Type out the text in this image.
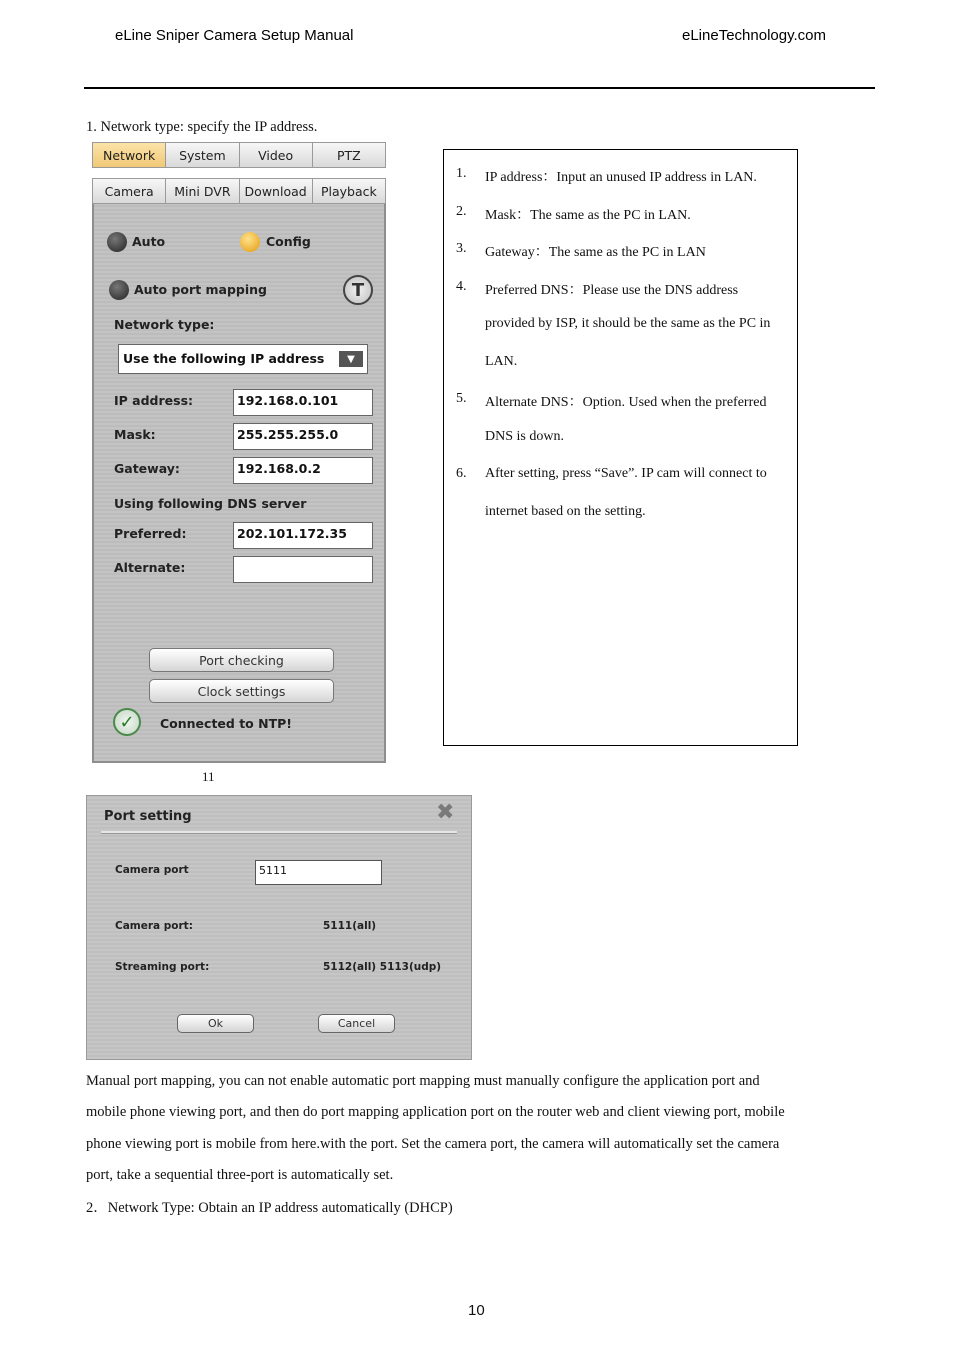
eLine Sniper Camera Setup Manual	eLineTechnology.com
1. Network type: specify the IP address.
Network	System	Video	PTZ
Camera	Mini DVR	Download	Playback
Auto	Config
Auto port mapping	T
Network type:
Use the following IP address	▼
IP address:	192.168.0.101
Mask:	255.255.255.0
Gateway:	192.168.0.2
Using following DNS server
Preferred:	202.101.172.35
Alternate:
Port checking
Clock settings
✓	Connected to NTP!
1. IP address：Input an unused IP address in LAN.
2. Mask：The same as the PC in LAN.
3. Gateway：The same as the PC in LAN
4. Preferred DNS：Please use the DNS address
provided by ISP, it should be the same as the PC in
LAN.
5. Alternate DNS：Option. Used when the preferred
DNS is down.
6. After setting, press “Save”. IP cam will connect to
internet based on the setting.
11
Port setting	✖
Camera port	5111
Camera port:	5111(all)
Streaming port:	5112(all) 5113(udp)
Ok	Cancel
Manual port mapping, you can not enable automatic port mapping must manually configure the application port and
mobile phone viewing port, and then do port mapping application port on the router web and client viewing port, mobile
phone viewing port is mobile from here.with the port. Set the camera port, the camera will automatically set the camera
port, take a sequential three-port is automatically set.
2．Network Type: Obtain an IP address automatically (DHCP)
10
